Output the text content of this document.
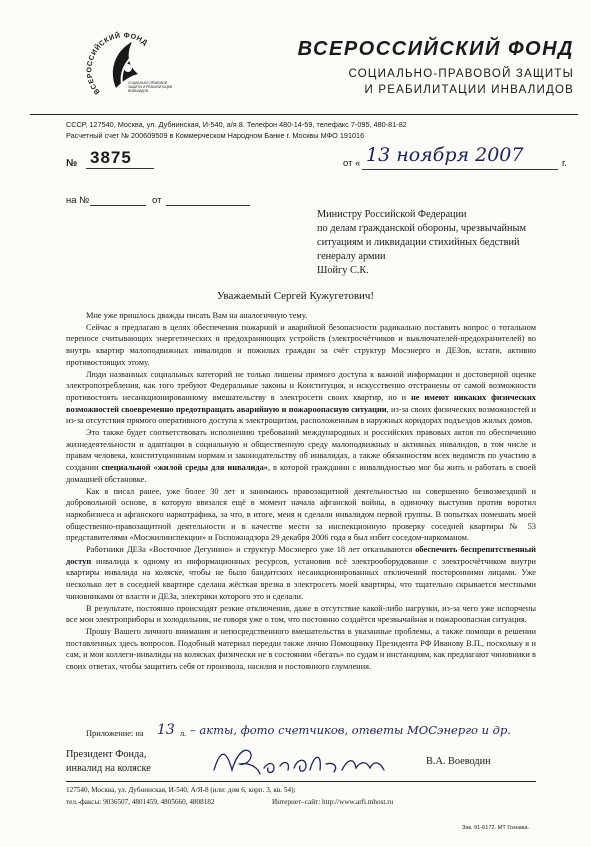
ВСЕРОССИЙСКИЙ ФОНД
СОЦИАЛЬНО-ПРАВОВОЙ ЗАЩИТЫ И РЕАБИЛИТАЦИИ ИНВАЛИДОВ
ВСЕРОССИЙСКИЙ ФОНД
СОЦИАЛЬНО-ПРАВОВОЙ ЗАЩИТЫ
И РЕАБИЛИТАЦИИ ИНВАЛИДОВ
СССР, 127540, Москва, ул. Дубнинская, И-540, а/я 8. Телефон 480-14-59, телефакс 7-095, 480-81-82
Расчетный счет № 200609509 в Коммерческом Народном Банке г. Москвы МФО 191016
№ 3875	от « 13 ноября 2007	г.
на №	от
Министру Российской Федерации
по делам гражданской обороны, чрезвычайным
ситуациям и ликвидации стихийных бедствий
генералу армии
Шойгу С.К.
Уважаемый Сергей Кужугетович!

Мне уже пришлось дважды писать Вам на аналогичную тему.

Сейчас я предлагаю в целях обеспечения пожарной и аварийной безопасности радикально поставить вопрос о тотальном переносе считывающих энергетических и предохраняющих устройств (электросчётчиков и выключателей-предохранителей) во внутрь квартир малоподвижных инвалидов и пожилых граждан за счёт структур Мосэнерго и ДЕЗов, кстати, активно противостоящих этому.

Люди названных социальных категорий не только лишены прямого доступа к важной информации и достоверной оценке электропотребления, как того требуют Федеральные законы и Конституция, и искусственно отстранены от самой возможности противостоять несанкционированному вмешательству в электросети своих квартир, но и не имеют никаких физических возможностей своевременно предотвращать аварийную и пожароопасную ситуации, из-за своих физических возможностей и из-за отсутствия прямого оперативного доступа к электрощитам, расположенным в наружных коридорах подъездов жилых домов.

Это также будет соответствовать исполнению требований международных и российских правовых актов по обеспечению жизнедеятельности и адаптации в социальную и общественную среду малоподвижных и активных инвалидов, в том числе и правам человека, конституционным нормам и законодательству об инвалидах, а также обязанностям всех ведомств по участию в создании специальной «жилой среды для инвалида», в которой гражданин с инвалидностью мог бы жить и работать в своей домашней обстановке.

Как я писал ранее, уже более 30 лет я занимаюсь правозащитной деятельностью на совершенно безвозмездной и добровольной основе, в которую ввязался ещё в момент начала афганской войны, в одиночку выступив против воротил наркобизнеса и афганского наркотрафика, за что, в итоге, меня и сделали инвалидом первой группы. В попытках помешать моей общественно-правозащитной деятельности и в качестве мести за инспекционную проверку соседней квартиры № 53 представителями «Мосжилинспекции» и Госпожнадзора 29 декабря 2006 года я был избит соседом-наркоманом.

Работники ДЕЗа «Восточное Дегунино» и структур Мосэнерго уже 18 лет отказываются обеспечить беспрепятственный доступ инвалида к одному из информационных ресурсов, установив всё электрооборудование с электросчётчиком внутри квартиры инвалида на коляске, чтобы не было бандитских несанкционированных отключений посторонними лицами. Уже несколько лет в соседней квартире сделана жёсткая врезка в электросеть моей квартиры, что тщательно скрывается местными чиновниками от власти и ДЕЗа, электрики которого это и сделали.

В результате, постоянно происходят резкие отключения, даже в отсутствие какой-либо нагрузки, из-за чего уже испорчены все мои электроприборы и холодильник, не говоря уже о том, что постоянно создаётся чрезвычайная и пожароопасная ситуация.

Прошу Вашего личного внимания и непосредственного вмешательства в указанные проблемы, а также помощи в решении поставленных здесь вопросов. Подобный материал передан также лично Помощнику Президента РФ Иванову В.П., поскольку я и сам, и мои коллеги-инвалиды на колясках физически не в состоянии «бегать» по судам и инстанциям, как предлагают чиновники в своих ответах, чтобы защитить себя от произвола, насилия и постоянного глумления.

Приложение: на 13 л. – акты, фото счетчиков, ответы МОСэнерго и др.
Президент Фонда,
инвалид на коляске
В.А. Воеводин
127540, Москва, ул. Дубнинская, И-540, А/Я-8 (или: дом 6, корп. 3, кв. 54);
тел.-факсы: 9036507, 4801459, 4805660, 4808182	Интернет–сайт: http://www.arfi.mhost.ru
Зак. 91-6172. МТ Гознака.
